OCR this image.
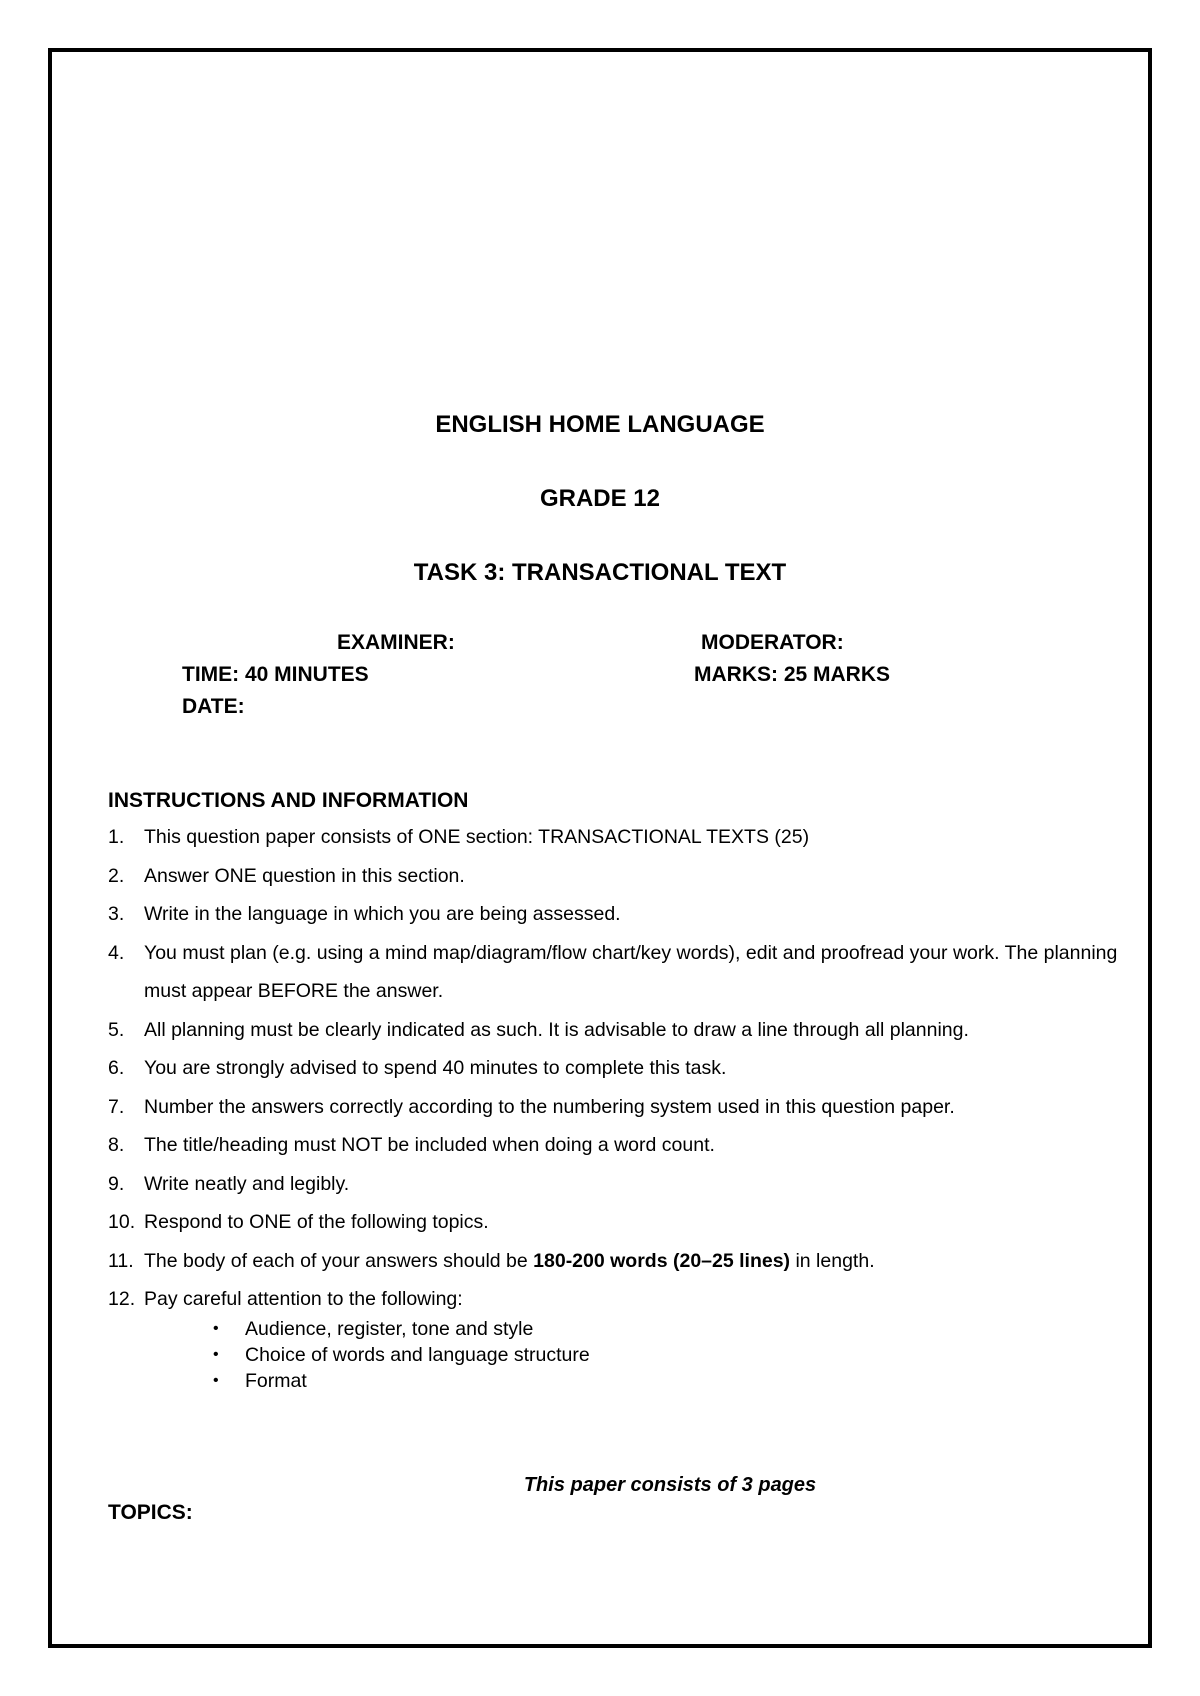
ENGLISH HOME LANGUAGE
GRADE 12
TASK 3: TRANSACTIONAL TEXT
EXAMINER:	MODERATOR:
TIME: 40 MINUTES	MARKS: 25 MARKS
DATE:
INSTRUCTIONS AND INFORMATION
1. This question paper consists of ONE section: TRANSACTIONAL TEXTS (25)
2. Answer ONE question in this section.
3. Write in the language in which you are being assessed.
4. You must plan (e.g. using a mind map/diagram/flow chart/key words), edit and proofread your work. The planning must appear BEFORE the answer.
5. All planning must be clearly indicated as such. It is advisable to draw a line through all planning.
6. You are strongly advised to spend 40 minutes to complete this task.
7. Number the answers correctly according to the numbering system used in this question paper.
8. The title/heading must NOT be included when doing a word count.
9. Write neatly and legibly.
10. Respond to ONE of the following topics.
11. The body of each of your answers should be 180-200 words (20–25 lines) in length.
12. Pay careful attention to the following:
• Audience, register, tone and style
• Choice of words and language structure
• Format
This paper consists of 3 pages
TOPICS:
